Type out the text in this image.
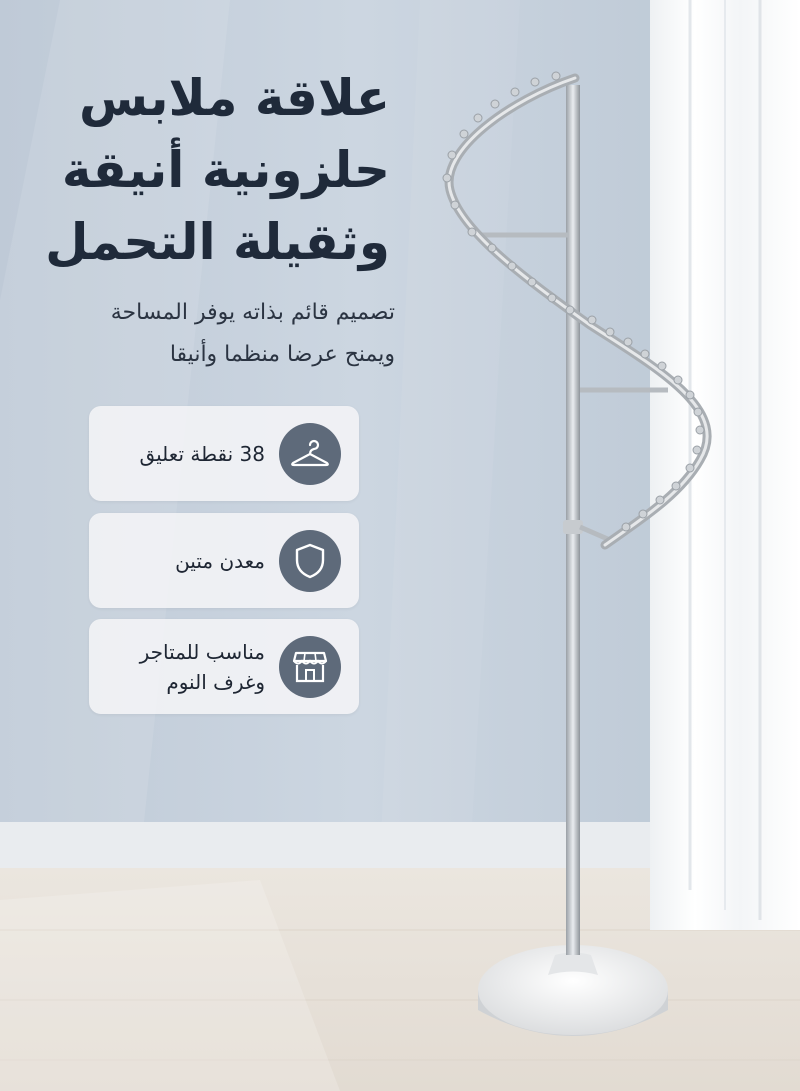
علاقة ملابس
حلزونية أنيقة
وثقيلة التحمل
تصميم قائم بذاته يوفر المساحة
ويمنح عرضا منظما وأنيقا
38 نقطة تعليق
معدن متين
مناسب للمتاجر
وغرف النوم
